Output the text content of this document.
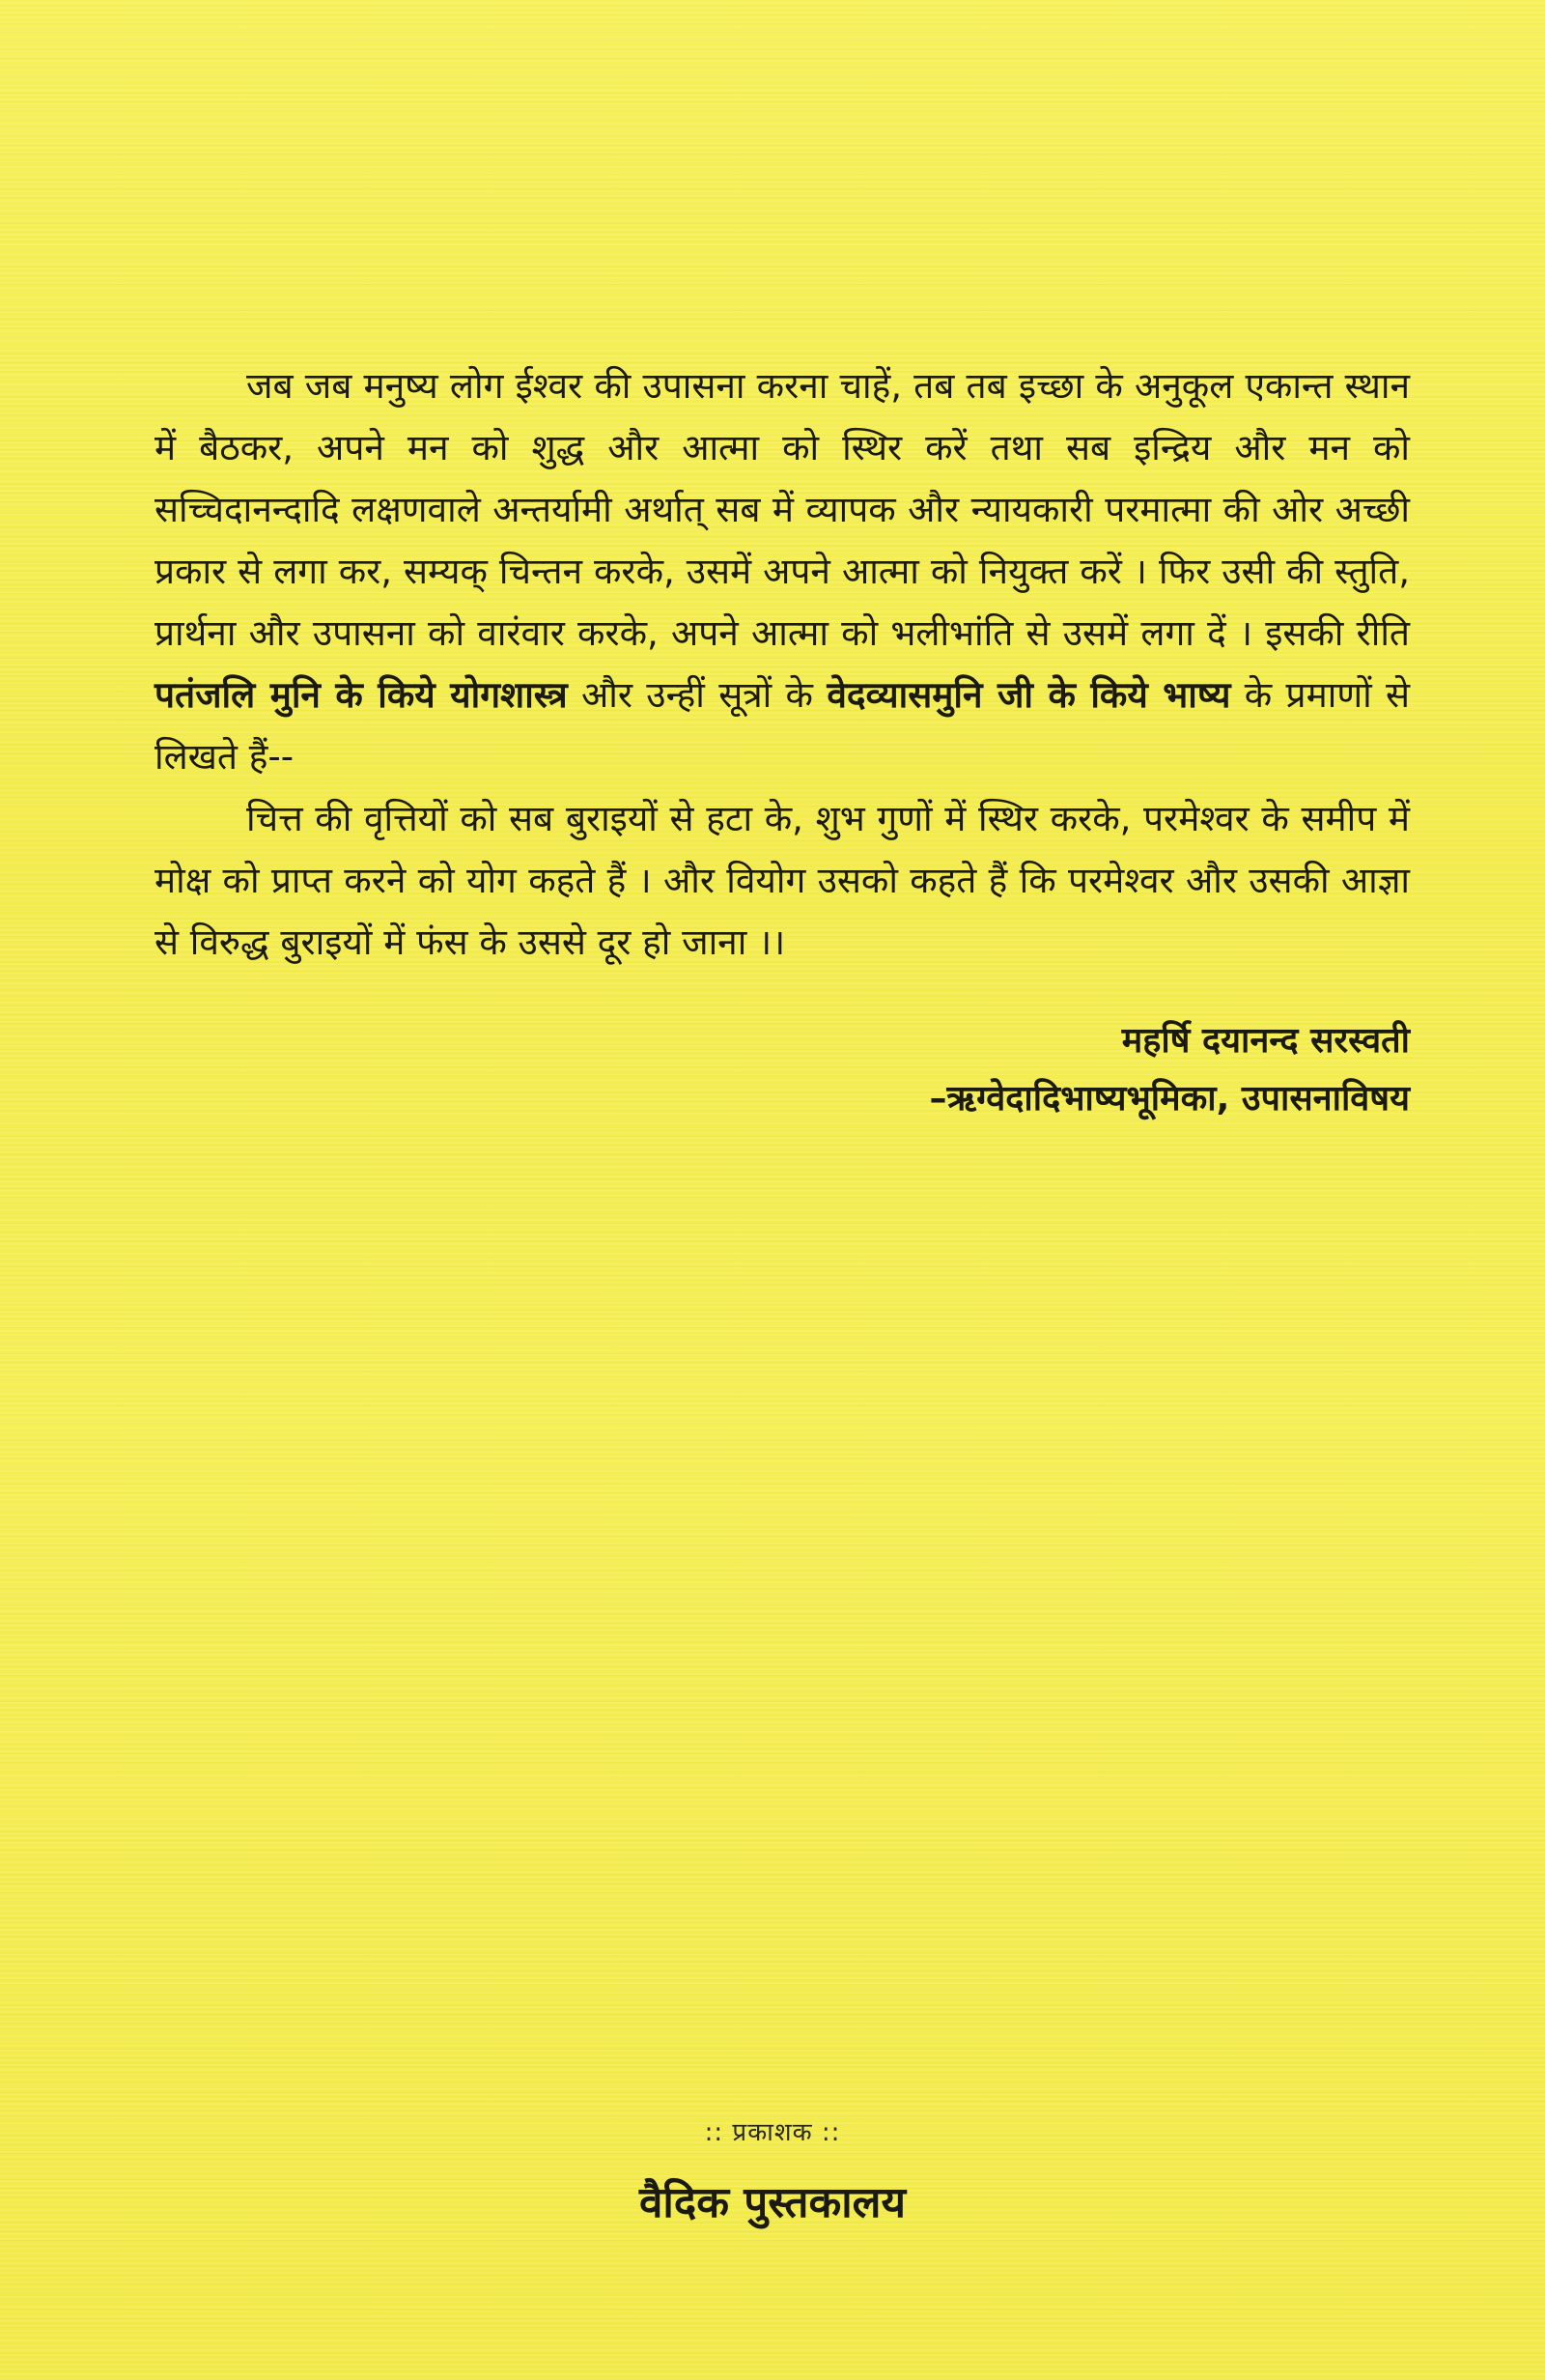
जब जब मनुष्य लोग ईश्वर की उपासना करना चाहें, तब तब इच्छा के अनुकूल एकान्त स्थान में बैठकर, अपने मन को शुद्ध और आत्मा को स्थिर करें तथा सब इन्द्रिय और मन को सच्चिदानन्दादि लक्षणवाले अन्तर्यामी अर्थात् सब में व्यापक और न्यायकारी परमात्मा की ओर अच्छी प्रकार से लगा कर, सम्यक् चिन्तन करके, उसमें अपने आत्मा को नियुक्त करें । फिर उसी की स्तुति, प्रार्थना और उपासना को वारंवार करके, अपने आत्मा को भलीभांति से उसमें लगा दें । इसकी रीति पतंजलि मुनि के किये योगशास्त्र और उन्हीं सूत्रों के वेदव्यासमुनि जी के किये भाष्य के प्रमाणों से लिखते हैं--

चित्त की वृत्तियों को सब बुराइयों से हटा के, शुभ गुणों में स्थिर करके, परमेश्वर के समीप में मोक्ष को प्राप्त करने को योग कहते हैं । और वियोग उसको कहते हैं कि परमेश्वर और उसकी आज्ञा से विरुद्ध बुराइयों में फंस के उससे दूर हो जाना ।।

महर्षि दयानन्द सरस्वती
–ऋग्वेदादिभाष्यभूमिका, उपासनाविषय
:: प्रकाशक ::
वैदिक पुस्तकालय
